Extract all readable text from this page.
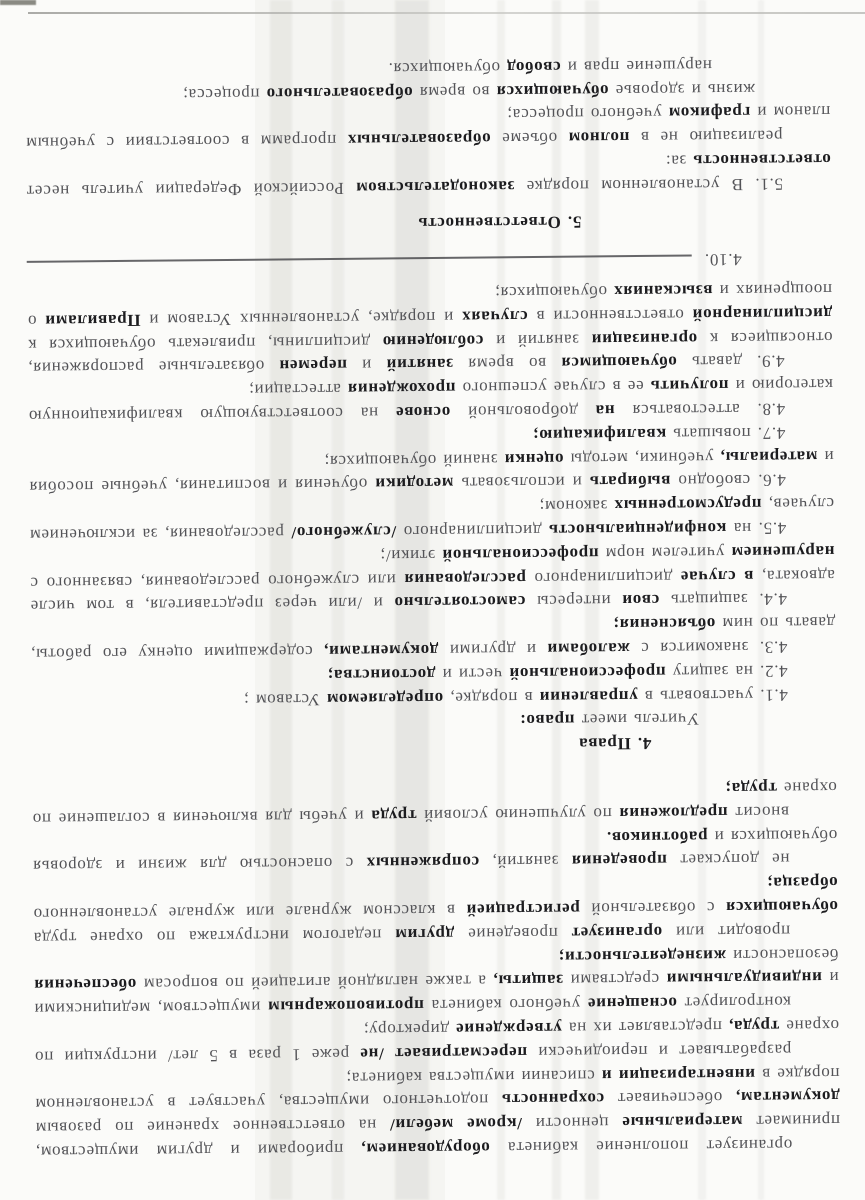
организует пополнение кабинета оборудованием, приборами и другим имуществом, принимает материальные ценности /кроме мебели/ на ответственное хранение по разовым документам, обеспечивает сохранность подотчетного имущества, участвует в установленном порядке в инвентаризации и списании имущества кабинета;

разрабатывает и периодически пересматривает /не реже 1 раза в 5 лет/ инструкции по охране труда, представляет их на утверждение директору;

контролирует оснащение учебного кабинета противопожарным имуществом, медицинскими и индивидуальными средствами защиты, а также наглядной агитацией по вопросам обеспечения безопасности жизнедеятельности;

проводит или организует проведение другим педагогом инструктажа по охране труда обучающихся с обязательной регистрацией в классном журнале или журнале установленного образца;

не допускает проведения занятий, сопряженных с опасностью для жизни и здоровья обучающихся и работников.

вносит предложения по улучшению условий труда и учебы для включения в соглашение по охране труда;

4. Права

Учитель имеет право:

4.1. участвовать в управлении в порядке, определяемом Уставом ;

4.2. на защиту профессиональной чести и достоинства;

4.3. знакомится с жалобами и другими документами, содержащими оценку его работы, давать по ним объяснения;

4.4. защищать свои интересы самостоятельно и /или через представителя, в том числе адвоката, в случае дисциплинарного расследования или служебного расследования, связанного с нарушением учителем норм профессиональной этики/;

4.5. на конфиденциальность дисциплинарного /служебного/ расследования, за исключением случаев, предусмотренных законом;

4.6. свободно выбирать и использовать методики обучения и воспитания, учебные пособия и материалы, учебники, методы оценки знаний обучающихся;

4.7. повышать квалификацию;

4.8. аттестоваться на добровольной основе на соответствующую квалификационную категорию и получить ее в случае успешного прохождения аттестации;

4.9. давать обучающимся во время занятий и перемен обязательные распоряжения, относящиеся к организации занятий и соблюдению дисциплины, привлекать обучающихся к дисциплинарной ответственности в случаях и порядке, установленных Уставом и Правилами о поощрениях и взысканиях обучающихся;

4.10.

5. Ответственность

5.1. В установленном порядке законодательством Российской Федерации учитель несет ответственность за:

реализацию не в полном объеме образовательных программ в соответствии с учебным планом и графиком учебного процесса;

жизнь и здоровье обучающихся во время образовательного процесса;

нарушение прав и свобод обучающихся.
